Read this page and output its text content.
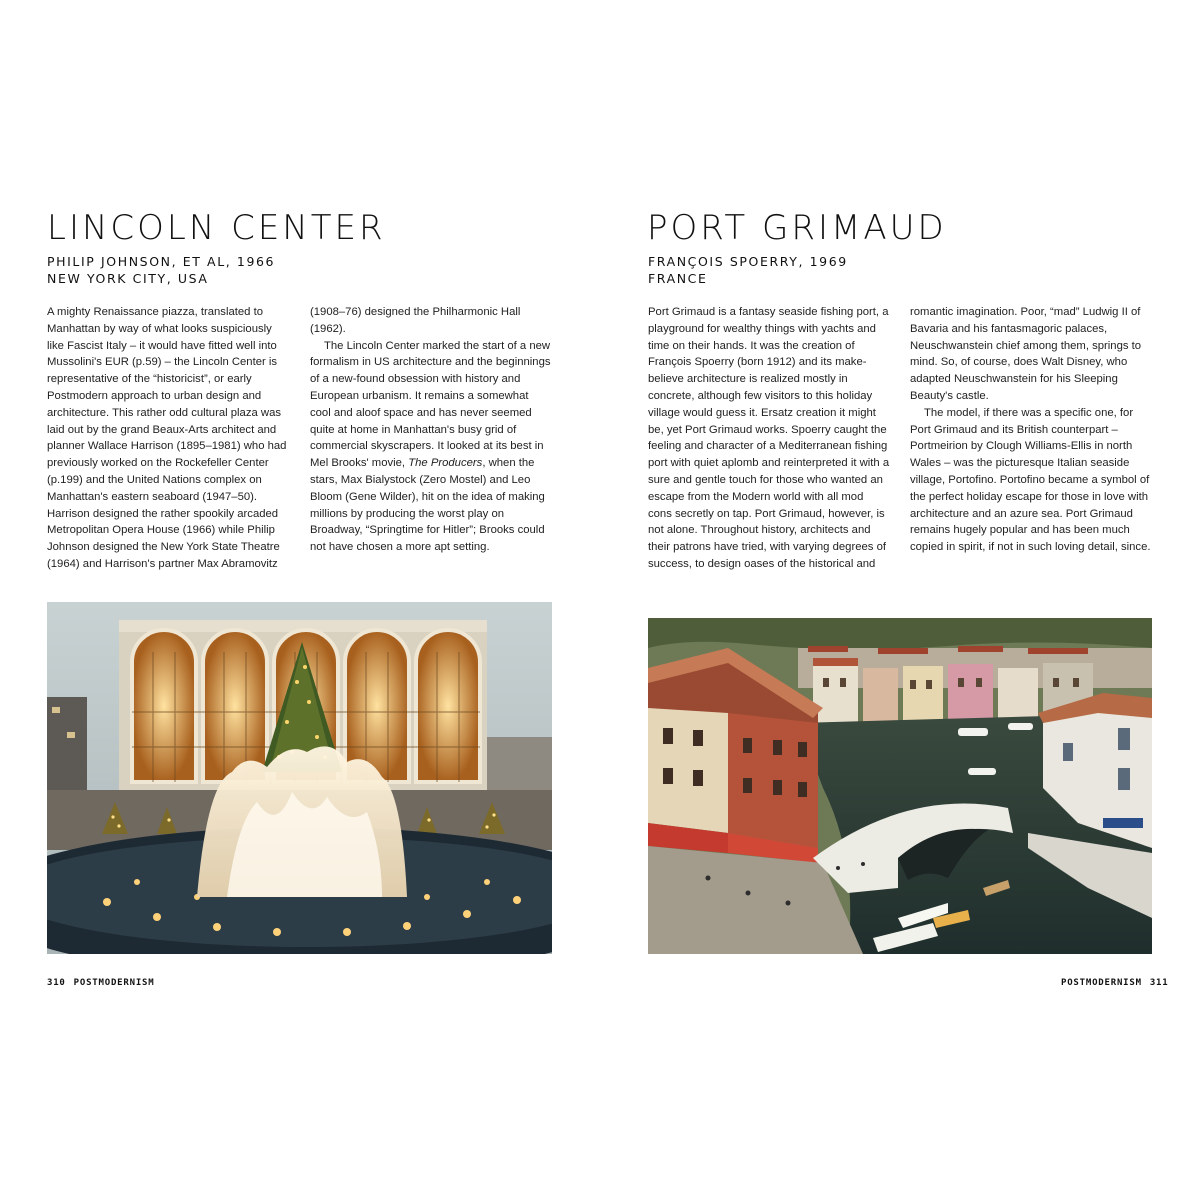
LINCOLN CENTER
PHILIP JOHNSON, ET AL, 1966
NEW YORK CITY, USA

A mighty Renaissance piazza, translated to Manhattan by way of what looks suspiciously like Fascist Italy – it would have fitted well into Mussolini's EUR (p.59) – the Lincoln Center is representative of the “historicist”, or early Postmodern approach to urban design and architecture. This rather odd cultural plaza was laid out by the grand Beaux-Arts architect and planner Wallace Harrison (1895–1981) who had previously worked on the Rockefeller Center (p.199) and the United Nations complex on Manhattan's eastern seaboard (1947–50). Harrison designed the rather spookily arcaded Metropolitan Opera House (1966) while Philip Johnson designed the New York State Theatre (1964) and Harrison's partner Max Abramovitz

(1908–76) designed the Philharmonic Hall (1962).

The Lincoln Center marked the start of a new formalism in US architecture and the beginnings of a new-found obsession with history and European urbanism. It remains a somewhat cool and aloof space and has never seemed quite at home in Manhattan's busy grid of commercial skyscrapers. It looked at its best in Mel Brooks' movie, The Producers, when the stars, Max Bialystock (Zero Mostel) and Leo Bloom (Gene Wilder), hit on the idea of making millions by producing the worst play on Broadway, “Springtime for Hitler”; Brooks could not have chosen a more apt setting.

310 POSTMODERNISM
PORT GRIMAUD
FRANÇOIS SPOERRY, 1969
FRANCE

Port Grimaud is a fantasy seaside fishing port, a playground for wealthy things with yachts and time on their hands. It was the creation of François Spoerry (born 1912) and its make-believe architecture is realized mostly in concrete, although few visitors to this holiday village would guess it. Ersatz creation it might be, yet Port Grimaud works. Spoerry caught the feeling and character of a Mediterranean fishing port with quiet aplomb and reinterpreted it with a sure and gentle touch for those who wanted an escape from the Modern world with all mod cons secretly on tap. Port Grimaud, however, is not alone. Throughout history, architects and their patrons have tried, with varying degrees of success, to design oases of the historical and

romantic imagination. Poor, “mad” Ludwig II of Bavaria and his fantasmagoric palaces, Neuschwanstein chief among them, springs to mind. So, of course, does Walt Disney, who adapted Neuschwanstein for his Sleeping Beauty's castle.

The model, if there was a specific one, for Port Grimaud and its British counterpart – Portmeirion by Clough Williams-Ellis in north Wales – was the picturesque Italian seaside village, Portofino. Portofino became a symbol of the perfect holiday escape for those in love with architecture and an azure sea. Port Grimaud remains hugely popular and has been much copied in spirit, if not in such loving detail, since.

POSTMODERNISM 311
